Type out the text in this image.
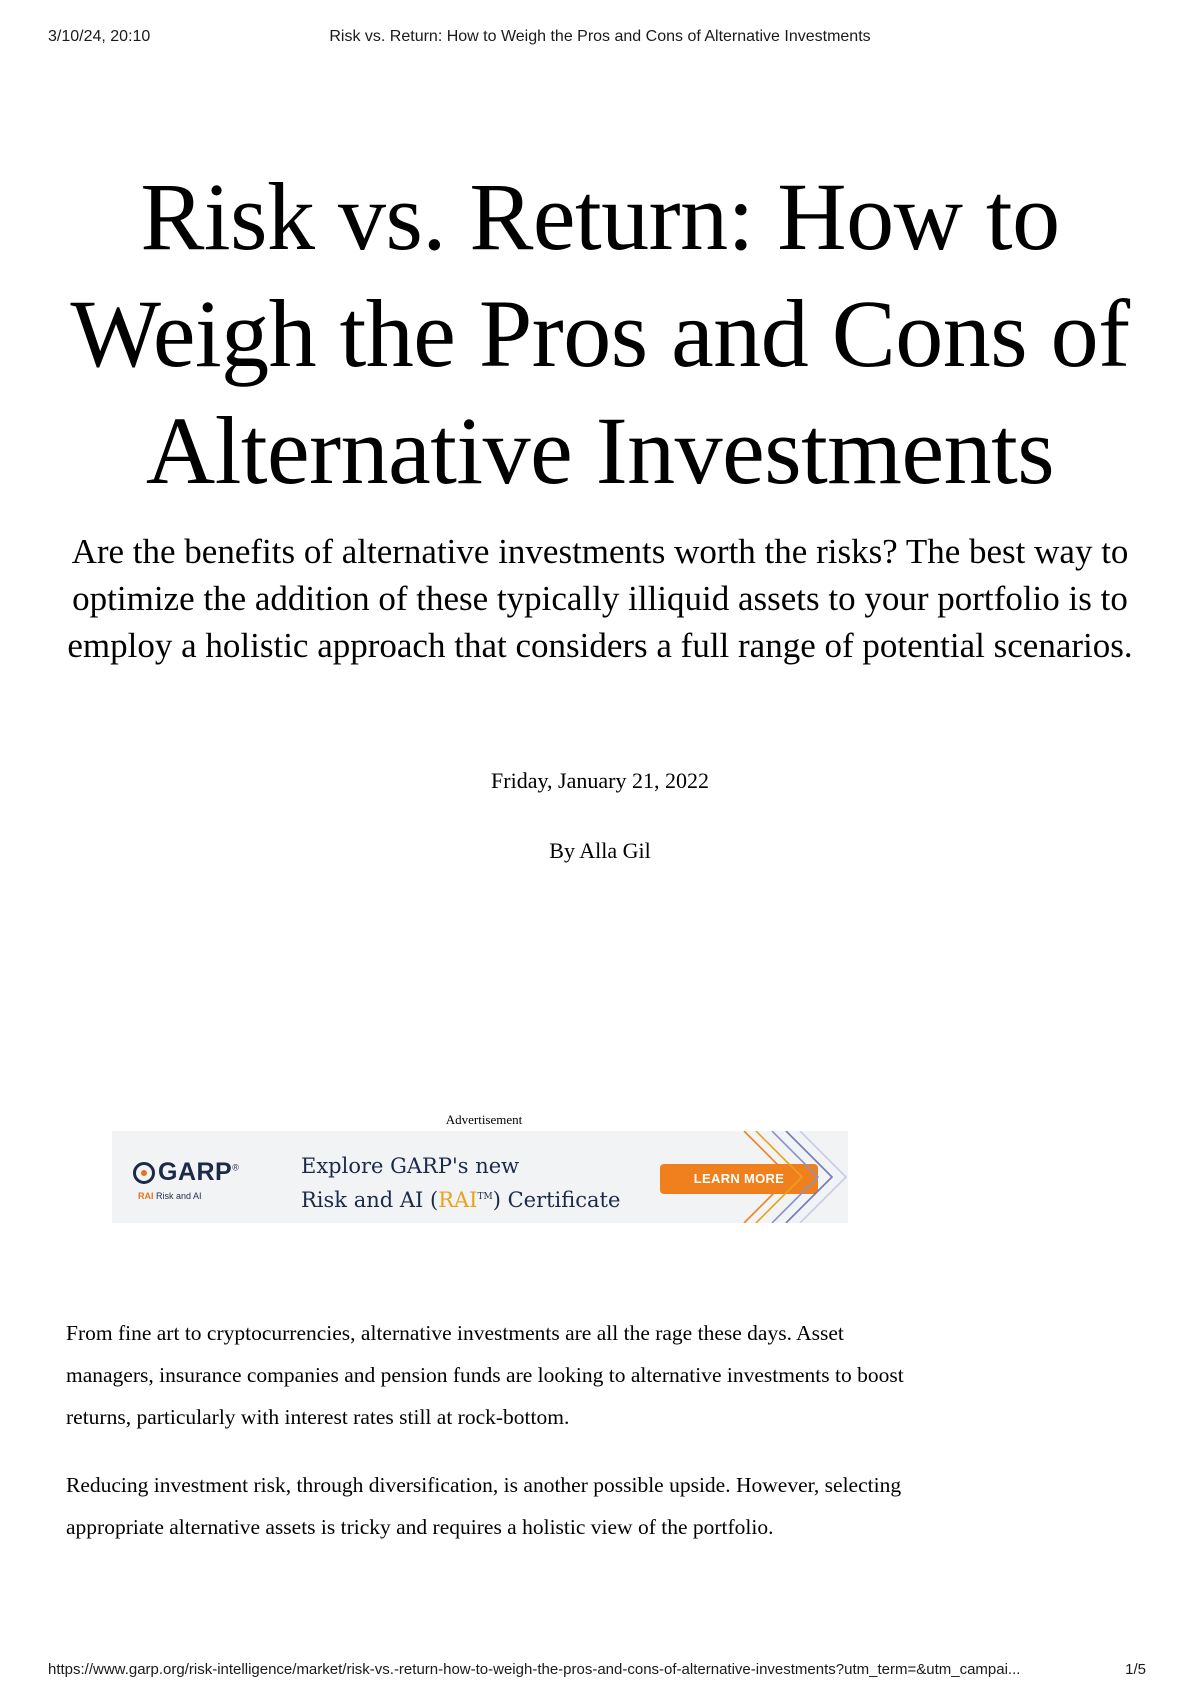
3/10/24, 20:10	Risk vs. Return: How to Weigh the Pros and Cons of Alternative Investments
Risk vs. Return: How to Weigh the Pros and Cons of Alternative Investments

Are the benefits of alternative investments worth the risks? The best way to optimize the addition of these typically illiquid assets to your portfolio is to employ a holistic approach that considers a full range of potential scenarios.

Friday, January 21, 2022
By Alla Gil
Advertisement
GARP®
RAI Risk and AI
Explore GARP's new
Risk and AI (RAI™) Certificate
LEARN MORE

From fine art to cryptocurrencies, alternative investments are all the rage these days. Asset managers, insurance companies and pension funds are looking to alternative investments to boost returns, particularly with interest rates still at rock-bottom.

Reducing investment risk, through diversification, is another possible upside. However, selecting appropriate alternative assets is tricky and requires a holistic view of the portfolio.

https://www.garp.org/risk-intelligence/market/risk-vs.-return-how-to-weigh-the-pros-and-cons-of-alternative-investments?utm_term=&utm_campai...	1/5
